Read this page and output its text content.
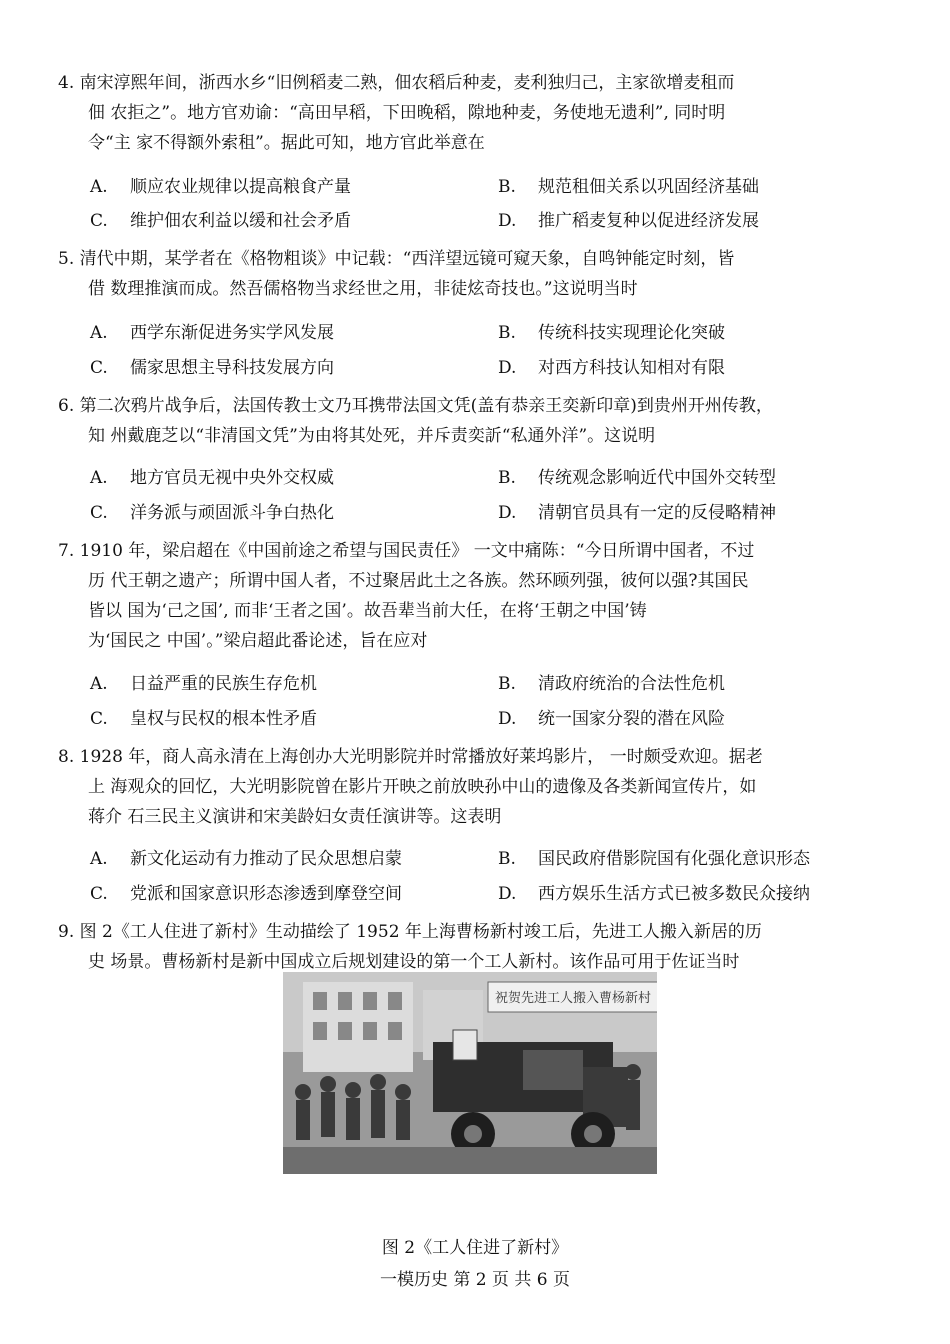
4. 南宋淳熙年间，浙西水乡“旧例稻麦二熟，佃农稻后种麦，麦利独归己，主家欲增麦租而
佃 农拒之”。地方官劝谕：“高田早稻，下田晚稻，隙地种麦，务使地无遗利”, 同时明
令“主 家不得额外索租”。据此可知，地方官此举意在
A. 顺应农业规律以提高粮食产量	B. 规范租佃关系以巩固经济基础
C. 维护佃农利益以缓和社会矛盾	D. 推广稻麦复种以促进经济发展
5. 清代中期，某学者在《格物粗谈》中记载：“西洋望远镜可窥天象，自鸣钟能定时刻，皆
借 数理推演而成。然吾儒格物当求经世之用，非徒炫奇技也。”这说明当时
A. 西学东渐促进务实学风发展	B. 传统科技实现理论化突破
C. 儒家思想主导科技发展方向	D. 对西方科技认知相对有限
6. 第二次鸦片战争后，法国传教士文乃耳携带法国文凭(盖有恭亲王奕新印章)到贵州开州传教，
知 州戴鹿芝以“非清国文凭”为由将其处死，并斥责奕訢“私通外洋”。这说明
A. 地方官员无视中央外交权威	B. 传统观念影响近代中国外交转型
C. 洋务派与顽固派斗争白热化	D. 清朝官员具有一定的反侵略精神
7. 1910 年，梁启超在《中国前途之希望与国民责任》 一文中痛陈：“今日所谓中国者，不过
历 代王朝之遗产；所谓中国人者，不过聚居此土之各族。然环顾列强，彼何以强?其国民
皆以 国为‘己之国’, 而非‘王者之国’。故吾辈当前大任，在将‘王朝之中国’铸
为‘国民之 中国’。”梁启超此番论述，旨在应对
A. 日益严重的民族生存危机	B. 清政府统治的合法性危机
C. 皇权与民权的根本性矛盾	D. 统一国家分裂的潜在风险
8. 1928 年，商人高永清在上海创办大光明影院并时常播放好莱坞影片， 一时颇受欢迎。据老
上 海观众的回忆，大光明影院曾在影片开映之前放映孙中山的遗像及各类新闻宣传片，如
蒋介 石三民主义演讲和宋美龄妇女责任演讲等。这表明
A. 新文化运动有力推动了民众思想启蒙	B. 国民政府借影院国有化强化意识形态
C. 党派和国家意识形态渗透到摩登空间	D. 西方娱乐生活方式已被多数民众接纳
9. 图 2《工人住进了新村》生动描绘了 1952 年上海曹杨新村竣工后，先进工人搬入新居的历
史 场景。曹杨新村是新中国成立后规划建设的第一个工人新村。该作品可用于佐证当时
祝贺先进工人搬入曹杨新村
图 2《工人住进了新村》
一模历史 第 2 页 共 6 页
